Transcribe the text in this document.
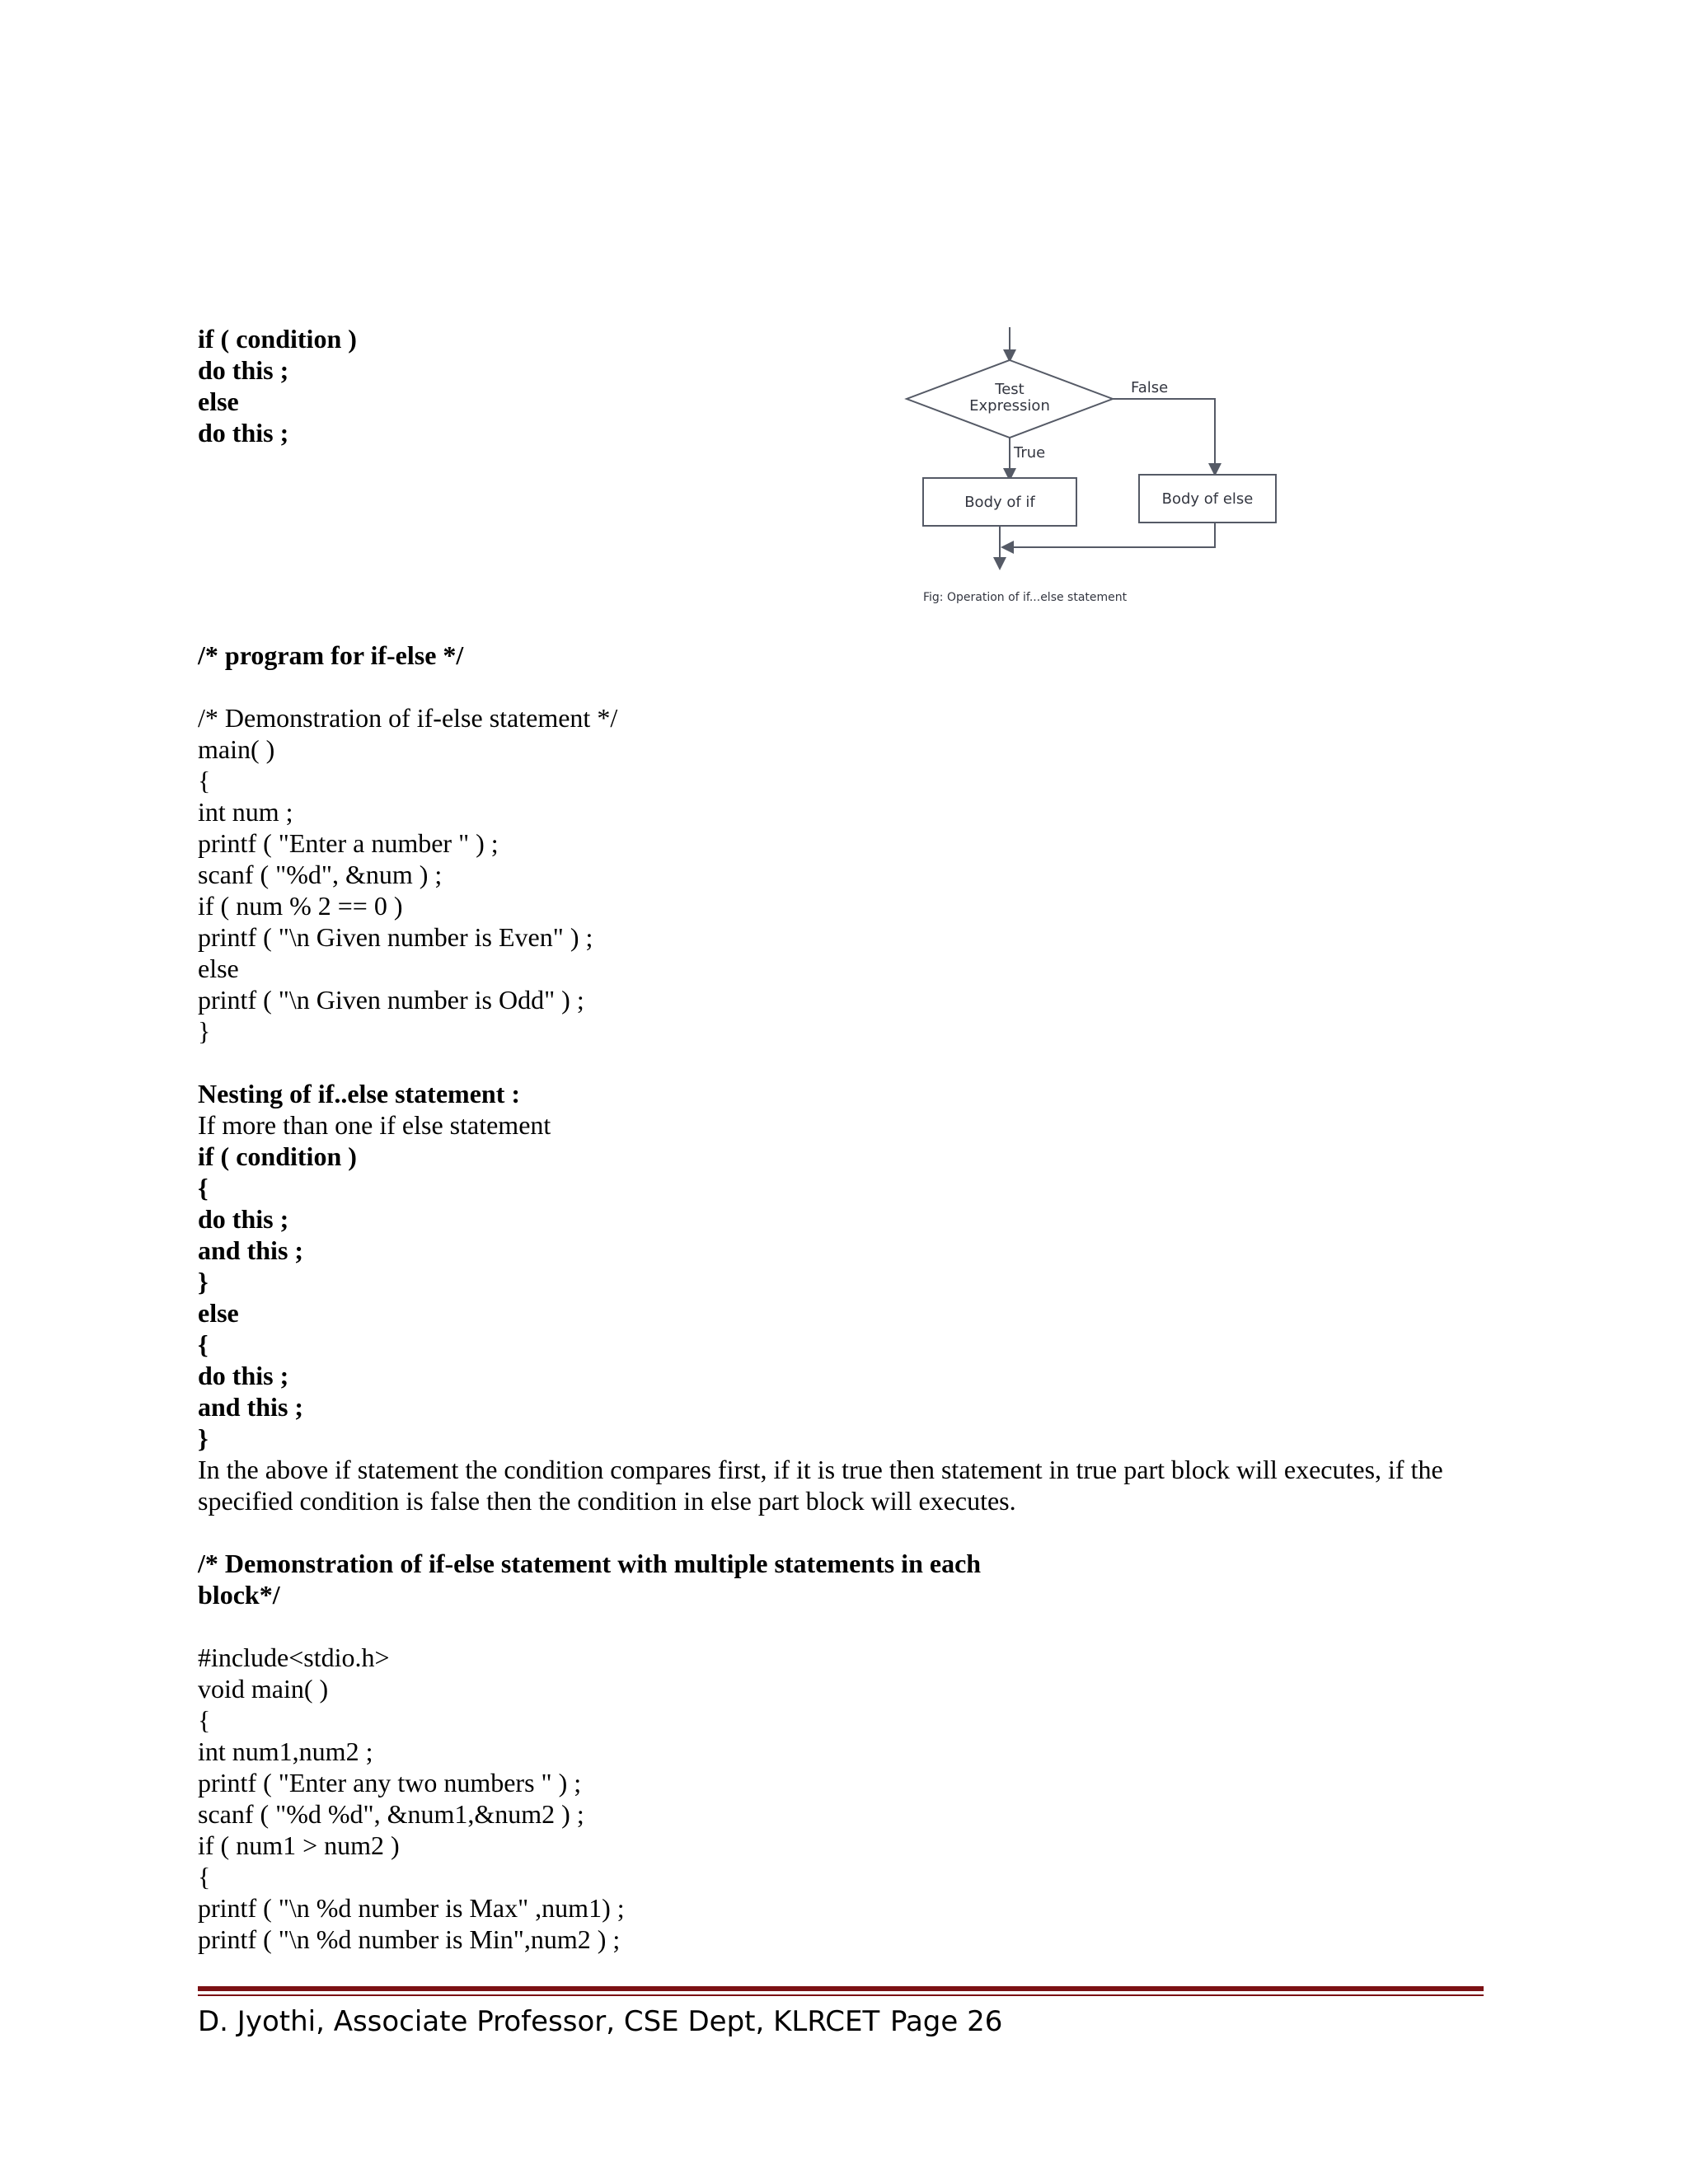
if ( condition )
do this ;
else
do this ;
Test
Expression
False
True
Body of if	Body of else
Fig: Operation of if...else statement
/* program for if-else */
/* Demonstration of if-else statement */
main( )
{
int num ;
printf ( "Enter a number " ) ;
scanf ( "%d", &num ) ;
if ( num % 2 == 0 )
printf ( "\n Given number is Even" ) ;
else
printf ( "\n Given number is Odd" ) ;
}
Nesting of if..else statement :
If more than one if else statement
if ( condition )
{
do this ;
and this ;
}
else
{
do this ;
and this ;
}
In the above if statement the condition compares first, if it is true then statement in true part block will executes, if the specified condition is false then the condition in else part block will executes.
/* Demonstration of if-else statement with multiple statements in each
block*/
#include<stdio.h>
void main( )
{
int num1,num2 ;
printf ( "Enter any two numbers " ) ;
scanf ( "%d %d", &num1,&num2 ) ;
if ( num1 > num2 )
{
printf ( "\n %d number is Max" ,num1) ;
printf ( "\n %d number is Min",num2 ) ;
D. Jyothi, Associate Professor, CSE Dept, KLRCET Page 26
